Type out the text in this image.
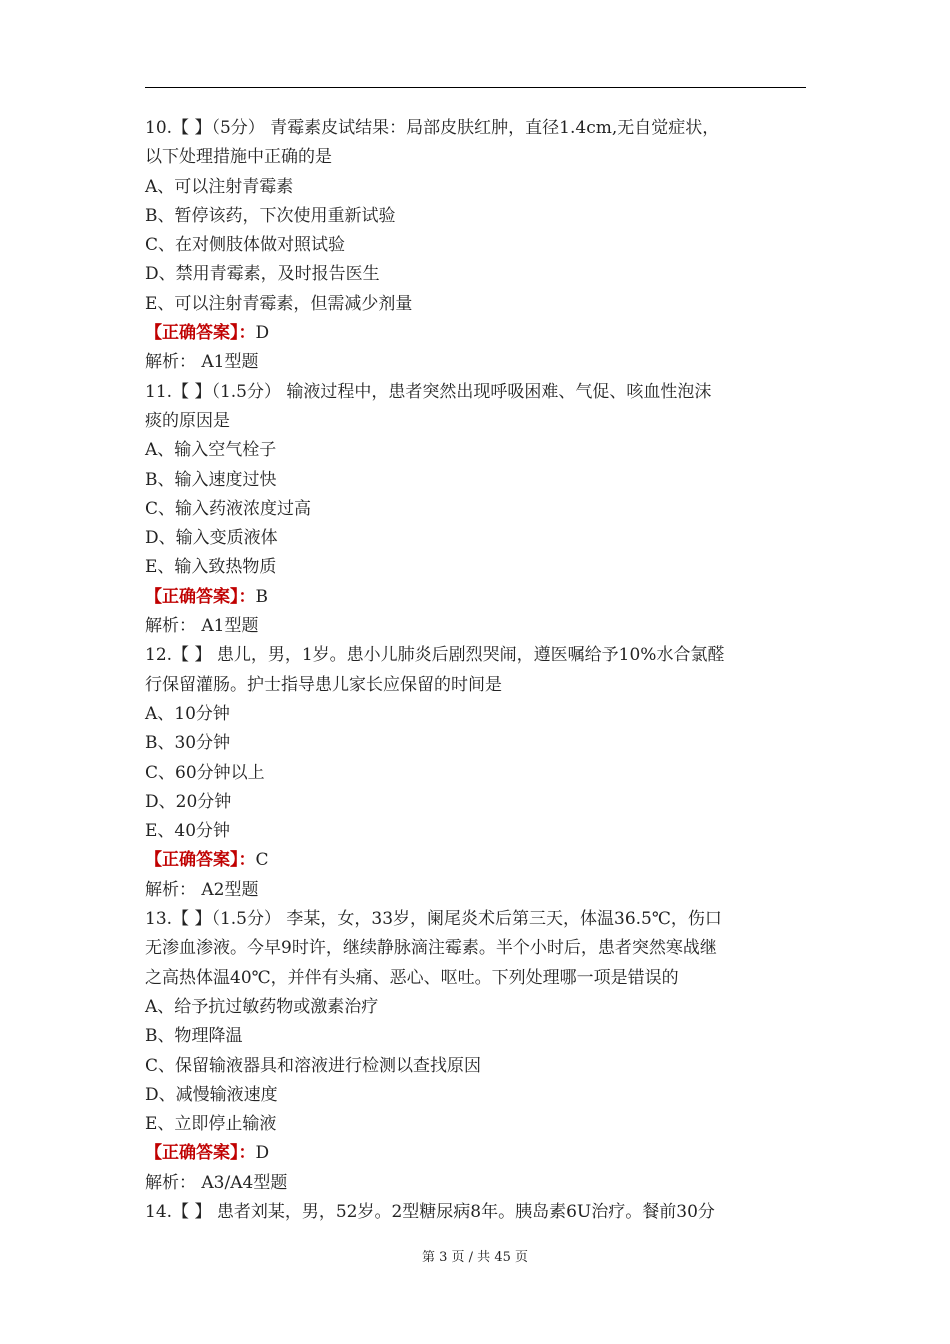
10.【 】（5分） 青霉素皮试结果：局部皮肤红肿，直径1.4cm,无自觉症状，
以下处理措施中正确的是
A、可以注射青霉素
B、暂停该药，下次使用重新试验
C、在对侧肢体做对照试验
D、禁用青霉素，及时报告医生
E、可以注射青霉素，但需减少剂量
【正确答案】：D
解析： A1型题
11.【 】（1.5分） 输液过程中，患者突然出现呼吸困难、气促、咳血性泡沫
痰的原因是
A、输入空气栓子
B、输入速度过快
C、输入药液浓度过高
D、输入变质液体
E、输入致热物质
【正确答案】：B
解析： A1型题
12.【 】 患儿，男，1岁。患小儿肺炎后剧烈哭闹，遵医嘱给予10%水合氯醛
行保留灌肠。护士指导患儿家长应保留的时间是
A、10分钟
B、30分钟
C、60分钟以上
D、20分钟
E、40分钟
【正确答案】：C
解析： A2型题
13.【 】（1.5分） 李某，女，33岁，阑尾炎术后第三天，体温36.5℃，伤口
无渗血渗液。今早9时许，继续静脉滴注霉素。半个小时后，患者突然寒战继
之高热体温40℃，并伴有头痛、恶心、呕吐。下列处理哪一项是错误的
A、给予抗过敏药物或激素治疗
B、物理降温
C、保留输液器具和溶液进行检测以查找原因
D、减慢输液速度
E、立即停止输液
【正确答案】：D
解析： A3/A4型题
14.【 】 患者刘某，男，52岁。2型糖尿病8年。胰岛素6U治疗。餐前30分
第 3 页 / 共 45 页
